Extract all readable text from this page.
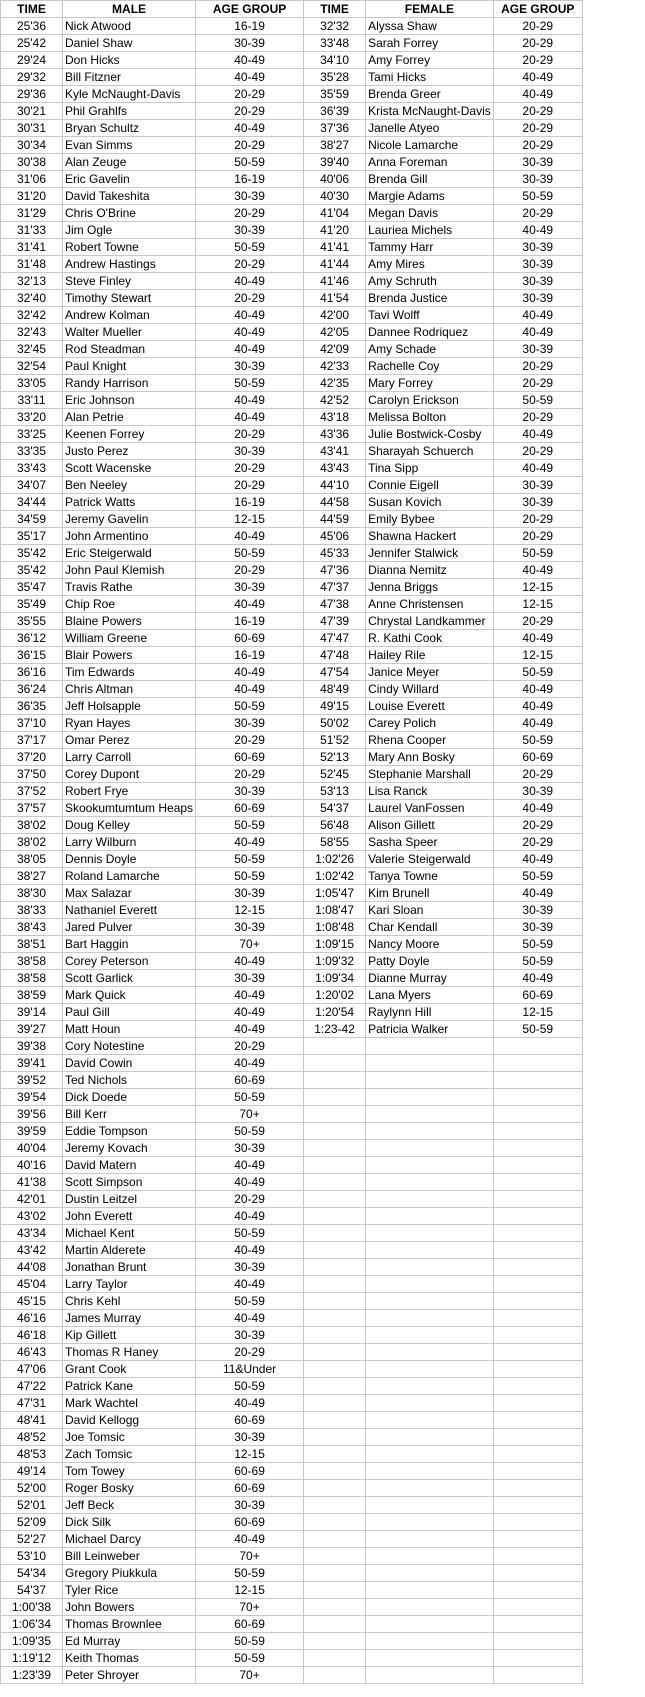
TIME	MALE	AGE GROUP	TIME	FEMALE	AGE GROUP
25'36	Nick Atwood	16-19	32'32	Alyssa Shaw	20-29
25'42	Daniel Shaw	30-39	33'48	Sarah Forrey	20-29
29'24	Don Hicks	40-49	34'10	Amy Forrey	20-29
29'32	Bill Fitzner	40-49	35'28	Tami Hicks	40-49
29'36	Kyle McNaught-Davis	20-29	35'59	Brenda Greer	40-49
30'21	Phil Grahlfs	20-29	36'39	Krista McNaught-Davis	20-29
30'31	Bryan Schultz	40-49	37'36	Janelle Atyeo	20-29
30'34	Evan Simms	20-29	38'27	Nicole Lamarche	20-29
30'38	Alan Zeuge	50-59	39'40	Anna Foreman	30-39
31'06	Eric Gavelin	16-19	40'06	Brenda Gill	30-39
31'20	David Takeshita	30-39	40'30	Margie Adams	50-59
31'29	Chris O'Brine	20-29	41'04	Megan Davis	20-29
31'33	Jim Ogle	30-39	41'20	Lauriea Michels	40-49
31'41	Robert Towne	50-59	41'41	Tammy Harr	30-39
31'48	Andrew Hastings	20-29	41'44	Amy Mires	30-39
32'13	Steve Finley	40-49	41'46	Amy Schruth	30-39
32'40	Timothy Stewart	20-29	41'54	Brenda Justice	30-39
32'42	Andrew Kolman	40-49	42'00	Tavi Wolff	40-49
32'43	Walter Mueller	40-49	42'05	Dannee Rodriquez	40-49
32'45	Rod Steadman	40-49	42'09	Amy Schade	30-39
32'54	Paul Knight	30-39	42'33	Rachelle Coy	20-29
33'05	Randy Harrison	50-59	42'35	Mary Forrey	20-29
33'11	Eric Johnson	40-49	42'52	Carolyn Erickson	50-59
33'20	Alan Petrie	40-49	43'18	Melissa Bolton	20-29
33'25	Keenen Forrey	20-29	43'36	Julie Bostwick-Cosby	40-49
33'35	Justo Perez	30-39	43'41	Sharayah Schuerch	20-29
33'43	Scott Wacenske	20-29	43'43	Tina Sipp	40-49
34'07	Ben Neeley	20-29	44'10	Connie Eigell	30-39
34'44	Patrick Watts	16-19	44'58	Susan Kovich	30-39
34'59	Jeremy Gavelin	12-15	44'59	Emily Bybee	20-29
35'17	John Armentino	40-49	45'06	Shawna Hackert	20-29
35'42	Eric Steigerwald	50-59	45'33	Jennifer Stalwick	50-59
35'42	John Paul Klemish	20-29	47'36	Dianna Nemitz	40-49
35'47	Travis Rathe	30-39	47'37	Jenna Briggs	12-15
35'49	Chip Roe	40-49	47'38	Anne Christensen	12-15
35'55	Blaine Powers	16-19	47'39	Chrystal Landkammer	20-29
36'12	William Greene	60-69	47'47	R. Kathi Cook	40-49
36'15	Blair Powers	16-19	47'48	Hailey Rile	12-15
36'16	Tim Edwards	40-49	47'54	Janice Meyer	50-59
36'24	Chris Altman	40-49	48'49	Cindy Willard	40-49
36'35	Jeff Holsapple	50-59	49'15	Louise Everett	40-49
37'10	Ryan Hayes	30-39	50'02	Carey Polich	40-49
37'17	Omar Perez	20-29	51'52	Rhena Cooper	50-59
37'20	Larry Carroll	60-69	52'13	Mary Ann Bosky	60-69
37'50	Corey Dupont	20-29	52'45	Stephanie Marshall	20-29
37'52	Robert Frye	30-39	53'13	Lisa Ranck	30-39
37'57	Skookumtumtum Heaps	60-69	54'37	Laurel VanFossen	40-49
38'02	Doug Kelley	50-59	56'48	Alison Gillett	20-29
38'02	Larry Wilburn	40-49	58'55	Sasha Speer	20-29
38'05	Dennis Doyle	50-59	1:02'26	Valerie Steigerwald	40-49
38'27	Roland Lamarche	50-59	1:02'42	Tanya Towne	50-59
38'30	Max Salazar	30-39	1:05'47	Kim Brunell	40-49
38'33	Nathaniel Everett	12-15	1:08'47	Kari Sloan	30-39
38'43	Jared Pulver	30-39	1:08'48	Char Kendall	30-39
38'51	Bart Haggin	70+	1:09'15	Nancy Moore	50-59
38'58	Corey Peterson	40-49	1:09'32	Patty Doyle	50-59
38'58	Scott Garlick	30-39	1:09'34	Dianne Murray	40-49
38'59	Mark Quick	40-49	1:20'02	Lana Myers	60-69
39'14	Paul Gill	40-49	1:20'54	Raylynn Hill	12-15
39'27	Matt Houn	40-49	1:23-42	Patricia Walker	50-59
39'38	Cory Notestine	20-29			
39'41	David Cowin	40-49			
39'52	Ted Nichols	60-69			
39'54	Dick Doede	50-59			
39'56	Bill Kerr	70+			
39'59	Eddie Tompson	50-59			
40'04	Jeremy Kovach	30-39			
40'16	David Matern	40-49			
41'38	Scott Simpson	40-49			
42'01	Dustin Leitzel	20-29			
43'02	John Everett	40-49			
43'34	Michael Kent	50-59			
43'42	Martin Alderete	40-49			
44'08	Jonathan Brunt	30-39			
45'04	Larry Taylor	40-49			
45'15	Chris Kehl	50-59			
46'16	James Murray	40-49			
46'18	Kip Gillett	30-39			
46'43	Thomas R Haney	20-29			
47'06	Grant Cook	11&Under			
47'22	Patrick Kane	50-59			
47'31	Mark Wachtel	40-49			
48'41	David Kellogg	60-69			
48'52	Joe Tomsic	30-39			
48'53	Zach Tomsic	12-15			
49'14	Tom Towey	60-69			
52'00	Roger Bosky	60-69			
52'01	Jeff Beck	30-39			
52'09	Dick Silk	60-69			
52'27	Michael Darcy	40-49			
53'10	Bill Leinweber	70+			
54'34	Gregory Piukkula	50-59			
54'37	Tyler Rice	12-15			
1:00'38	John Bowers	70+			
1:06'34	Thomas Brownlee	60-69			
1:09'35	Ed Murray	50-59			
1:19'12	Keith Thomas	50-59			
1:23'39	Peter Shroyer	70+			
